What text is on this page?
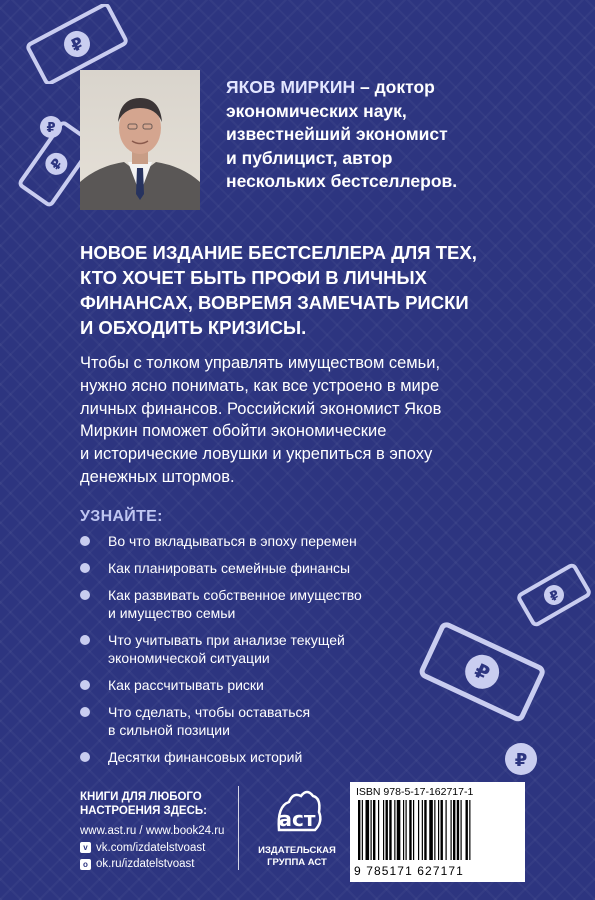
₽
₽
₽
₽
₽
₽
ЯКОВ МИРКИН – доктор
экономических наук,
известнейший экономист
и публицист, автор
нескольких бестселлеров.
НОВОЕ ИЗДАНИЕ БЕСТСЕЛЛЕРА ДЛЯ ТЕХ,
КТО ХОЧЕТ БЫТЬ ПРОФИ В ЛИЧНЫХ
ФИНАНСАХ, ВОВРЕМЯ ЗАМЕЧАТЬ РИСКИ
И ОБХОДИТЬ КРИЗИСЫ.
Чтобы с толком управлять имуществом семьи,
нужно ясно понимать, как все устроено в мире
личных финансов. Российский экономист Яков
Миркин поможет обойти экономические
и исторические ловушки и укрепиться в эпоху
денежных штормов.
УЗНАЙТЕ:
Во что вкладываться в эпоху перемен
Как планировать семейные финансы
Как развивать собственное имущество
и имущество семьи
Что учитывать при анализе текущей
экономической ситуации
Как рассчитывать риски
Что сделать, чтобы оставаться
в сильной позиции
Десятки финансовых историй
КНИГИ ДЛЯ ЛЮБОГО
НАСТРОЕНИЯ ЗДЕСЬ:
www.ast.ru / www.book24.ru
v vk.com/izdatelstvoast
o ok.ru/izdatelstvoast
aст
ИЗДАТЕЛЬСКАЯ
ГРУППА АСТ
ISBN 978-5-17-162717-1
9 785171 627171
